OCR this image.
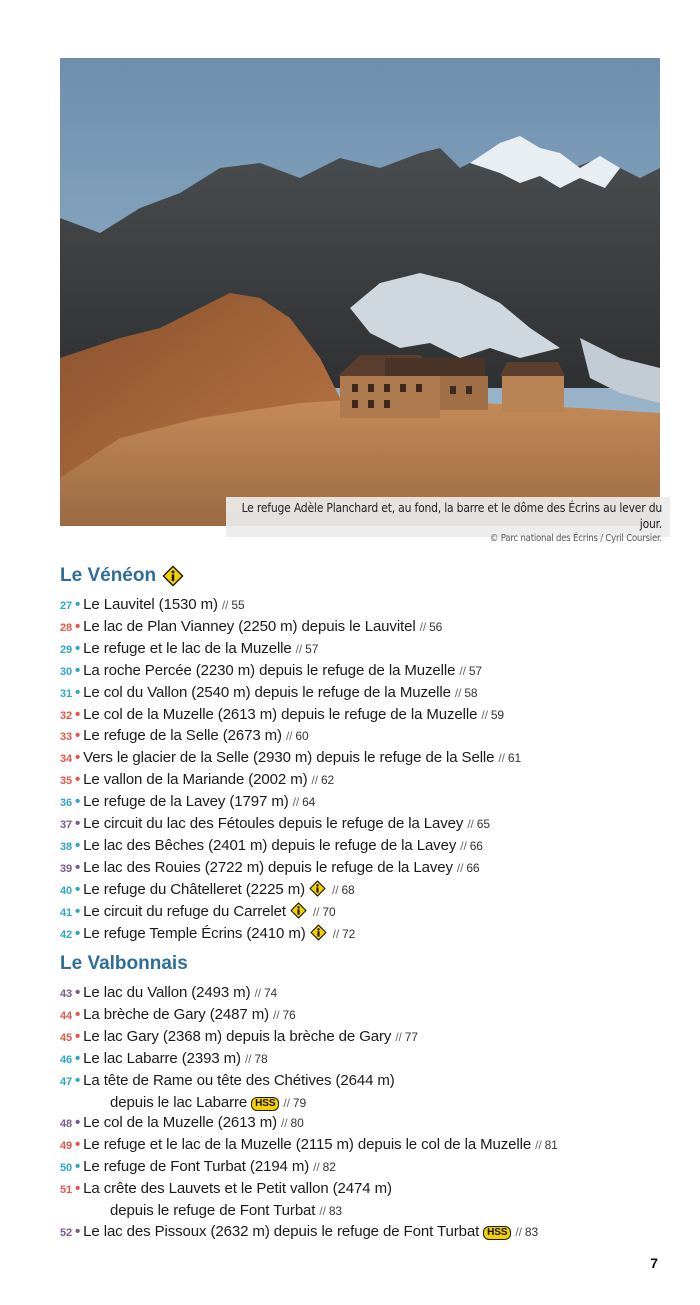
Le refuge Adèle Planchard et, au fond, la barre et le dôme des Écrins au lever du jour.
© Parc national des Écrins / Cyril Coursier.
Le Vénéon
27 • Le Lauvitel (1530 m) // 55
28 • Le lac de Plan Vianney (2250 m) depuis le Lauvitel // 56
29 • Le refuge et le lac de la Muzelle // 57
30 • La roche Percée (2230 m) depuis le refuge de la Muzelle // 57
31 • Le col du Vallon (2540 m) depuis le refuge de la Muzelle // 58
32 • Le col de la Muzelle (2613 m) depuis le refuge de la Muzelle // 59
33 • Le refuge de la Selle (2673 m) // 60
34 • Vers le glacier de la Selle (2930 m) depuis le refuge de la Selle // 61
35 • Le vallon de la Mariande (2002 m) // 62
36 • Le refuge de la Lavey (1797 m) // 64
37 • Le circuit du lac des Fétoules depuis le refuge de la Lavey // 65
38 • Le lac des Bêches (2401 m) depuis le refuge de la Lavey // 66
39 • Le lac des Rouies (2722 m) depuis le refuge de la Lavey // 66
40 • Le refuge du Châtelleret (2225 m) // 68
41 • Le circuit du refuge du Carrelet // 70
42 • Le refuge Temple Écrins (2410 m) // 72
Le Valbonnais
43 • Le lac du Vallon (2493 m) // 74
44 • La brèche de Gary (2487 m) // 76
45 • Le lac Gary (2368 m) depuis la brèche de Gary // 77
46 • Le lac Labarre (2393 m) // 78
47 • La tête de Rame ou tête des Chétives (2644 m)
depuis le lac Labarre HSS // 79
48 • Le col de la Muzelle (2613 m) // 80
49 • Le refuge et le lac de la Muzelle (2115 m) depuis le col de la Muzelle // 81
50 • Le refuge de Font Turbat (2194 m) // 82
51 • La crête des Lauvets et le Petit vallon (2474 m)
depuis le refuge de Font Turbat // 83
52 • Le lac des Pissoux (2632 m) depuis le refuge de Font Turbat HSS // 83
7
